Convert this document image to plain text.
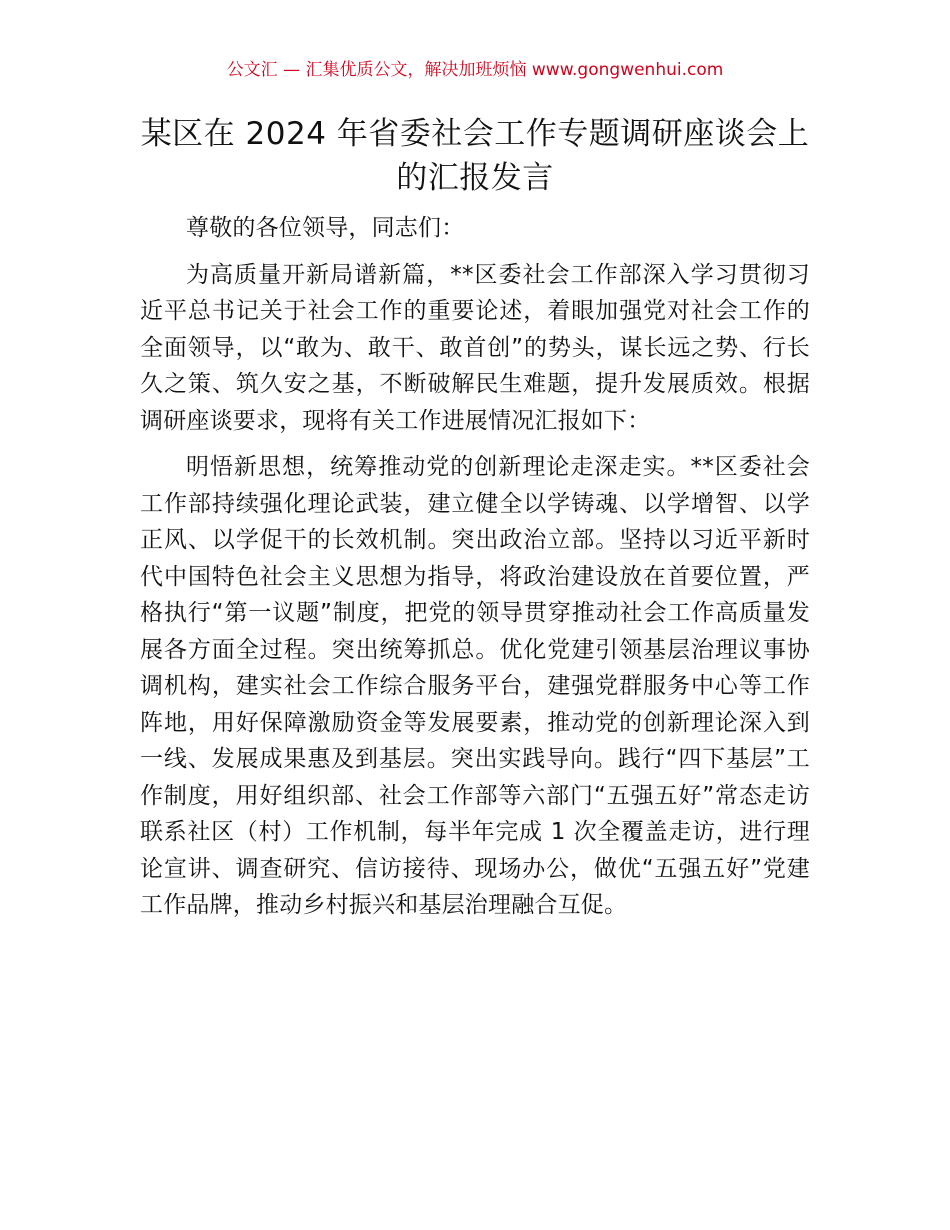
公文汇 — 汇集优质公文，解决加班烦恼 www.gongwenhui.com
某区在 2024 年省委社会工作专题调研座谈会上
的汇报发言

尊敬的各位领导，同志们：

为高质量开新局谱新篇，**区委社会工作部深入学习贯彻习近平总书记关于社会工作的重要论述，着眼加强党对社会工作的全面领导，以“敢为、敢干、敢首创”的势头，谋长远之势、行长久之策、筑久安之基，不断破解民生难题，提升发展质效。根据调研座谈要求，现将有关工作进展情况汇报如下：

明悟新思想，统筹推动党的创新理论走深走实。**区委社会工作部持续强化理论武装，建立健全以学铸魂、以学增智、以学正风、以学促干的长效机制。突出政治立部。坚持以习近平新时代中国特色社会主义思想为指导，将政治建设放在首要位置，严格执行“第一议题”制度，把党的领导贯穿推动社会工作高质量发展各方面全过程。突出统筹抓总。优化党建引领基层治理议事协调机构，建实社会工作综合服务平台，建强党群服务中心等工作阵地，用好保障激励资金等发展要素，推动党的创新理论深入到一线、发展成果惠及到基层。突出实践导向。践行“四下基层”工作制度，用好组织部、社会工作部等六部门“五强五好”常态走访联系社区（村）工作机制，每半年完成 1 次全覆盖走访，进行理论宣讲、调查研究、信访接待、现场办公，做优“五强五好”党建工作品牌，推动乡村振兴和基层治理融合互促。
